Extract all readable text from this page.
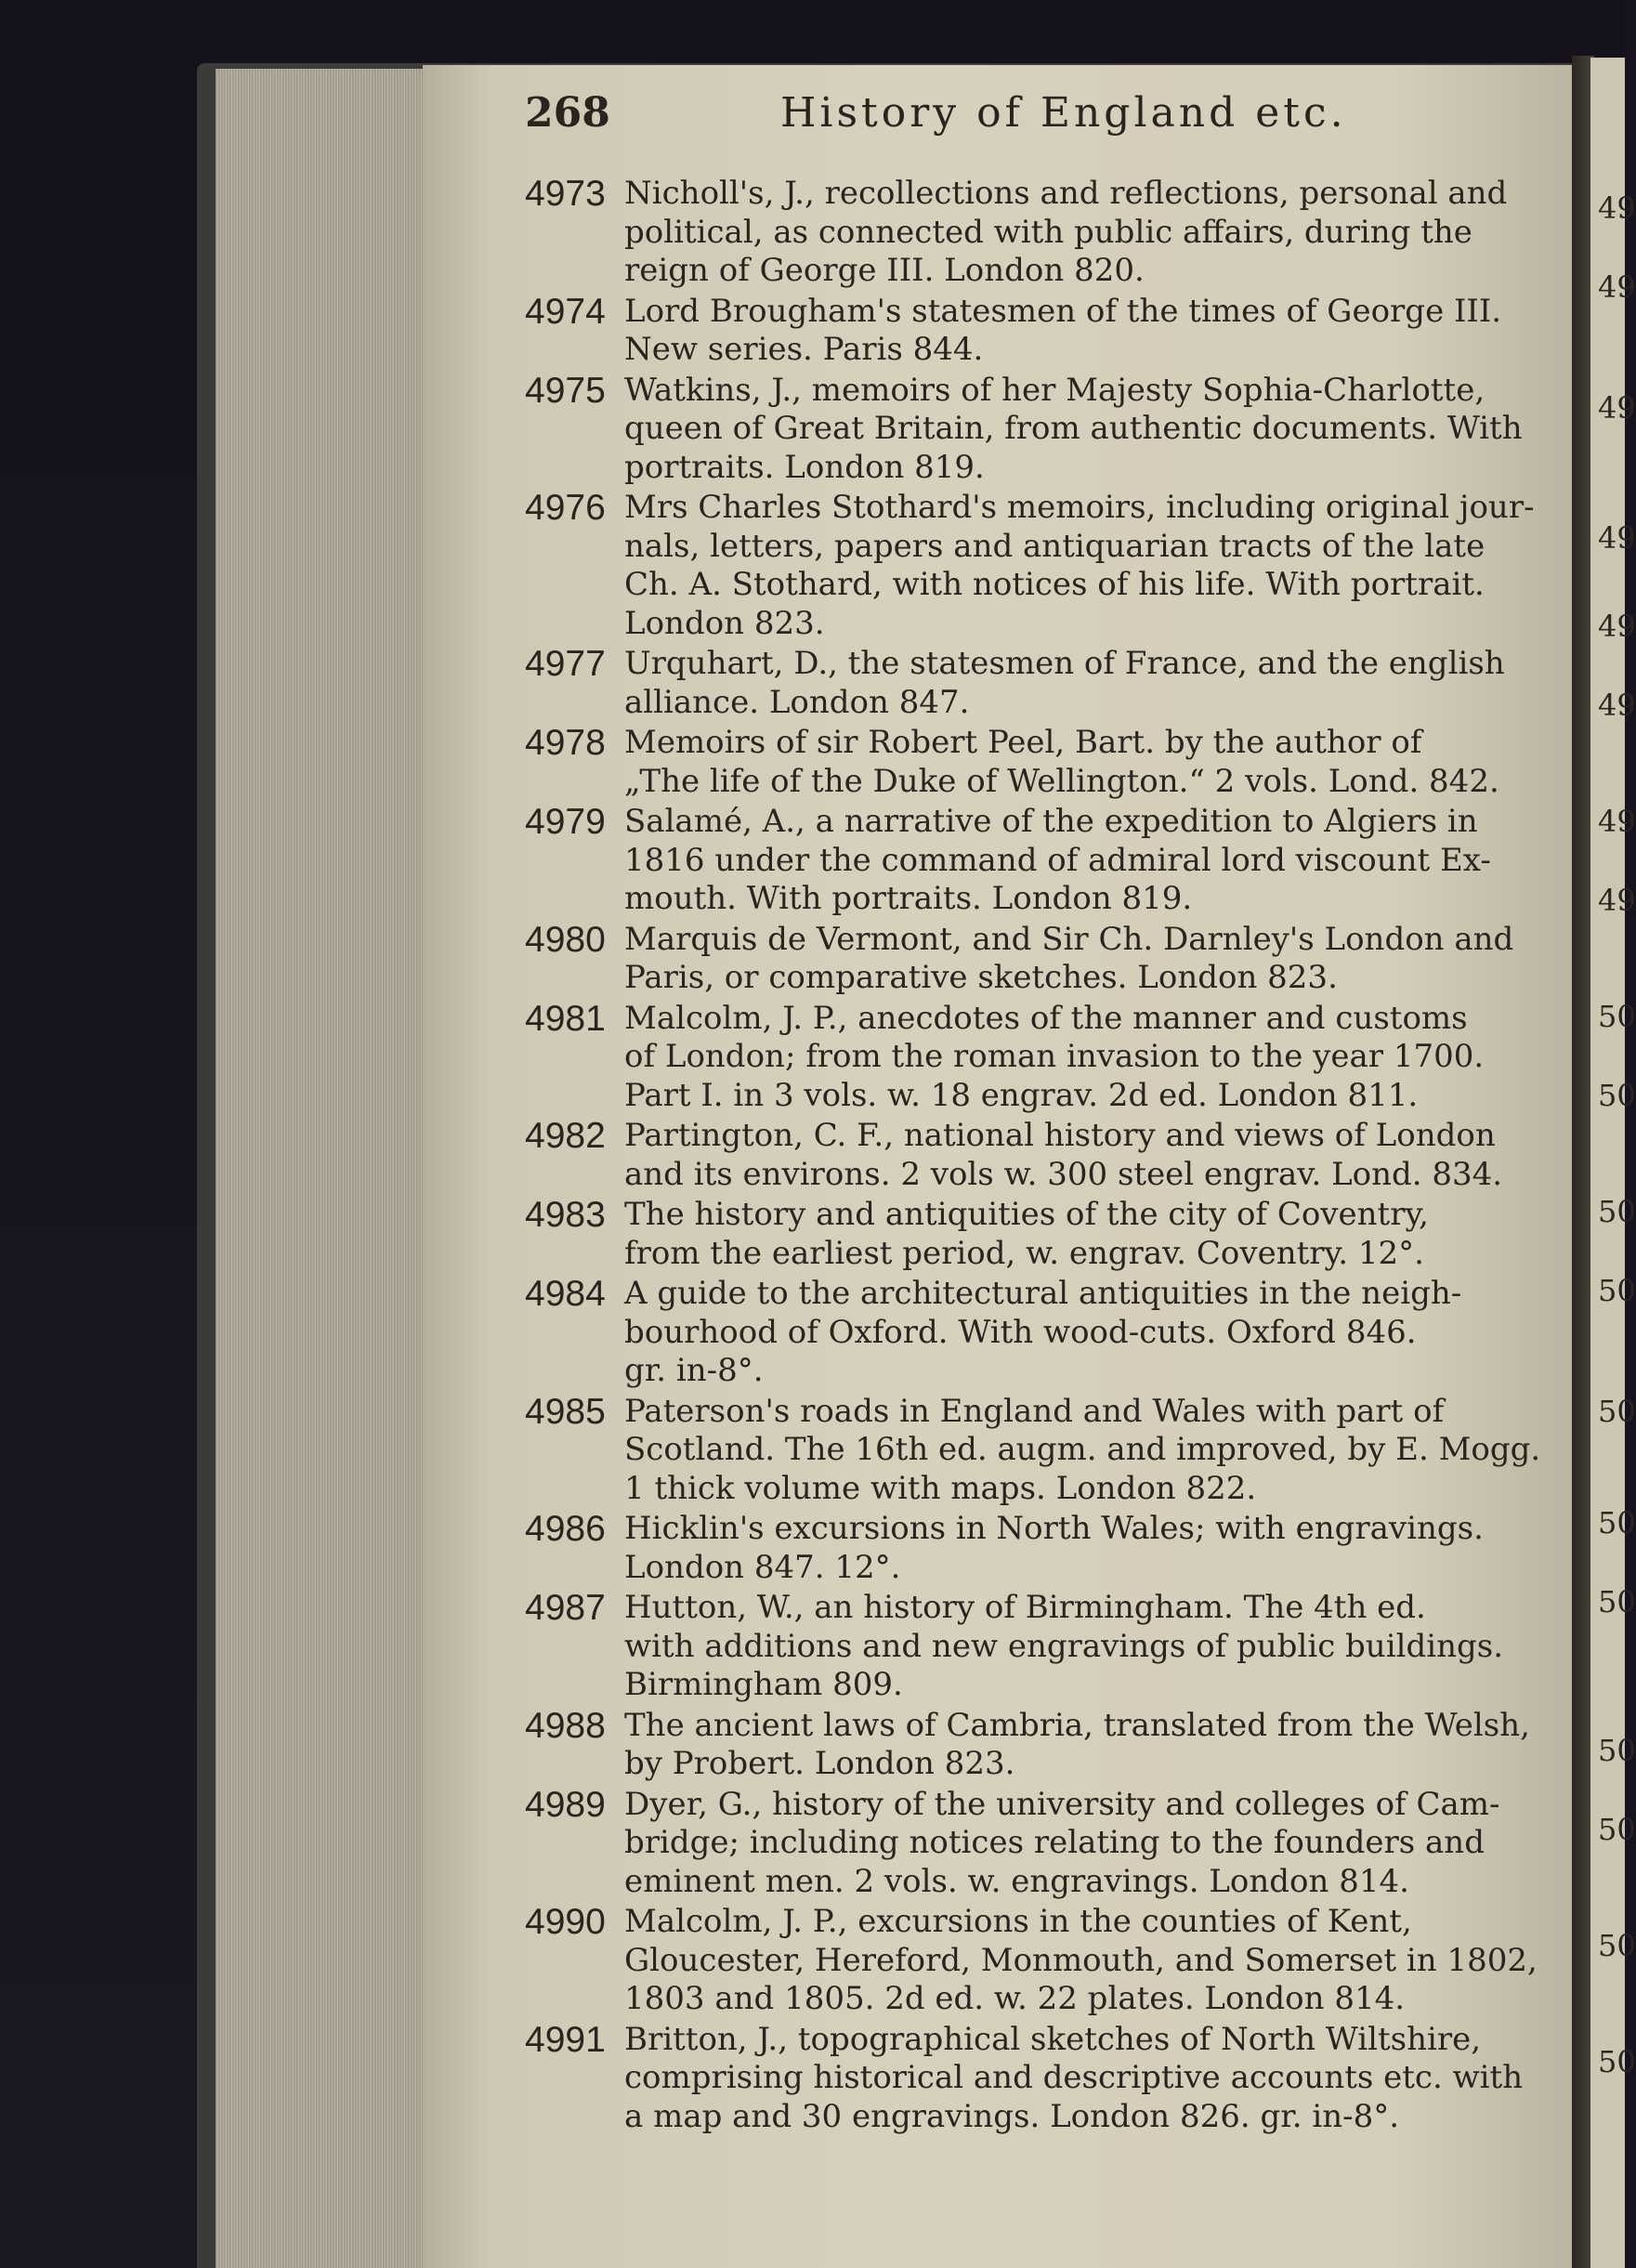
49
49
49
49
49
49
49
49
50
50
50
50
50
50
50
50
50
50
50
268	History of England etc.
4973 Nicholl's, J., recollections and reflections, personal and
political, as connected with public affairs, during the
reign of George III. London 820.
4974 Lord Brougham's statesmen of the times of George III.
New series. Paris 844.
4975 Watkins, J., memoirs of her Majesty Sophia-Charlotte,
queen of Great Britain, from authentic documents. With
portraits. London 819.
4976 Mrs Charles Stothard's memoirs, including original jour-
nals, letters, papers and antiquarian tracts of the late
Ch. A. Stothard, with notices of his life. With portrait.
London 823.
4977 Urquhart, D., the statesmen of France, and the english
alliance. London 847.
4978 Memoirs of sir Robert Peel, Bart. by the author of
„The life of the Duke of Wellington.“ 2 vols. Lond. 842.
4979 Salamé, A., a narrative of the expedition to Algiers in
1816 under the command of admiral lord viscount Ex-
mouth. With portraits. London 819.
4980 Marquis de Vermont, and Sir Ch. Darnley's London and
Paris, or comparative sketches. London 823.
4981 Malcolm, J. P., anecdotes of the manner and customs
of London; from the roman invasion to the year 1700.
Part I. in 3 vols. w. 18 engrav. 2d ed. London 811.
4982 Partington, C. F., national history and views of London
and its environs. 2 vols w. 300 steel engrav. Lond. 834.
4983 The history and antiquities of the city of Coventry,
from the earliest period, w. engrav. Coventry. 12°.
4984 A guide to the architectural antiquities in the neigh-
bourhood of Oxford. With wood-cuts. Oxford 846.
gr. in-8°.
4985 Paterson's roads in England and Wales with part of
Scotland. The 16th ed. augm. and improved, by E. Mogg.
1 thick volume with maps. London 822.
4986 Hicklin's excursions in North Wales; with engravings.
London 847. 12°.
4987 Hutton, W., an history of Birmingham. The 4th ed.
with additions and new engravings of public buildings.
Birmingham 809.
4988 The ancient laws of Cambria, translated from the Welsh,
by Probert. London 823.
4989 Dyer, G., history of the university and colleges of Cam-
bridge; including notices relating to the founders and
eminent men. 2 vols. w. engravings. London 814.
4990 Malcolm, J. P., excursions in the counties of Kent,
Gloucester, Hereford, Monmouth, and Somerset in 1802,
1803 and 1805. 2d ed. w. 22 plates. London 814.
4991 Britton, J., topographical sketches of North Wiltshire,
comprising historical and descriptive accounts etc. with
a map and 30 engravings. London 826. gr. in-8°.
